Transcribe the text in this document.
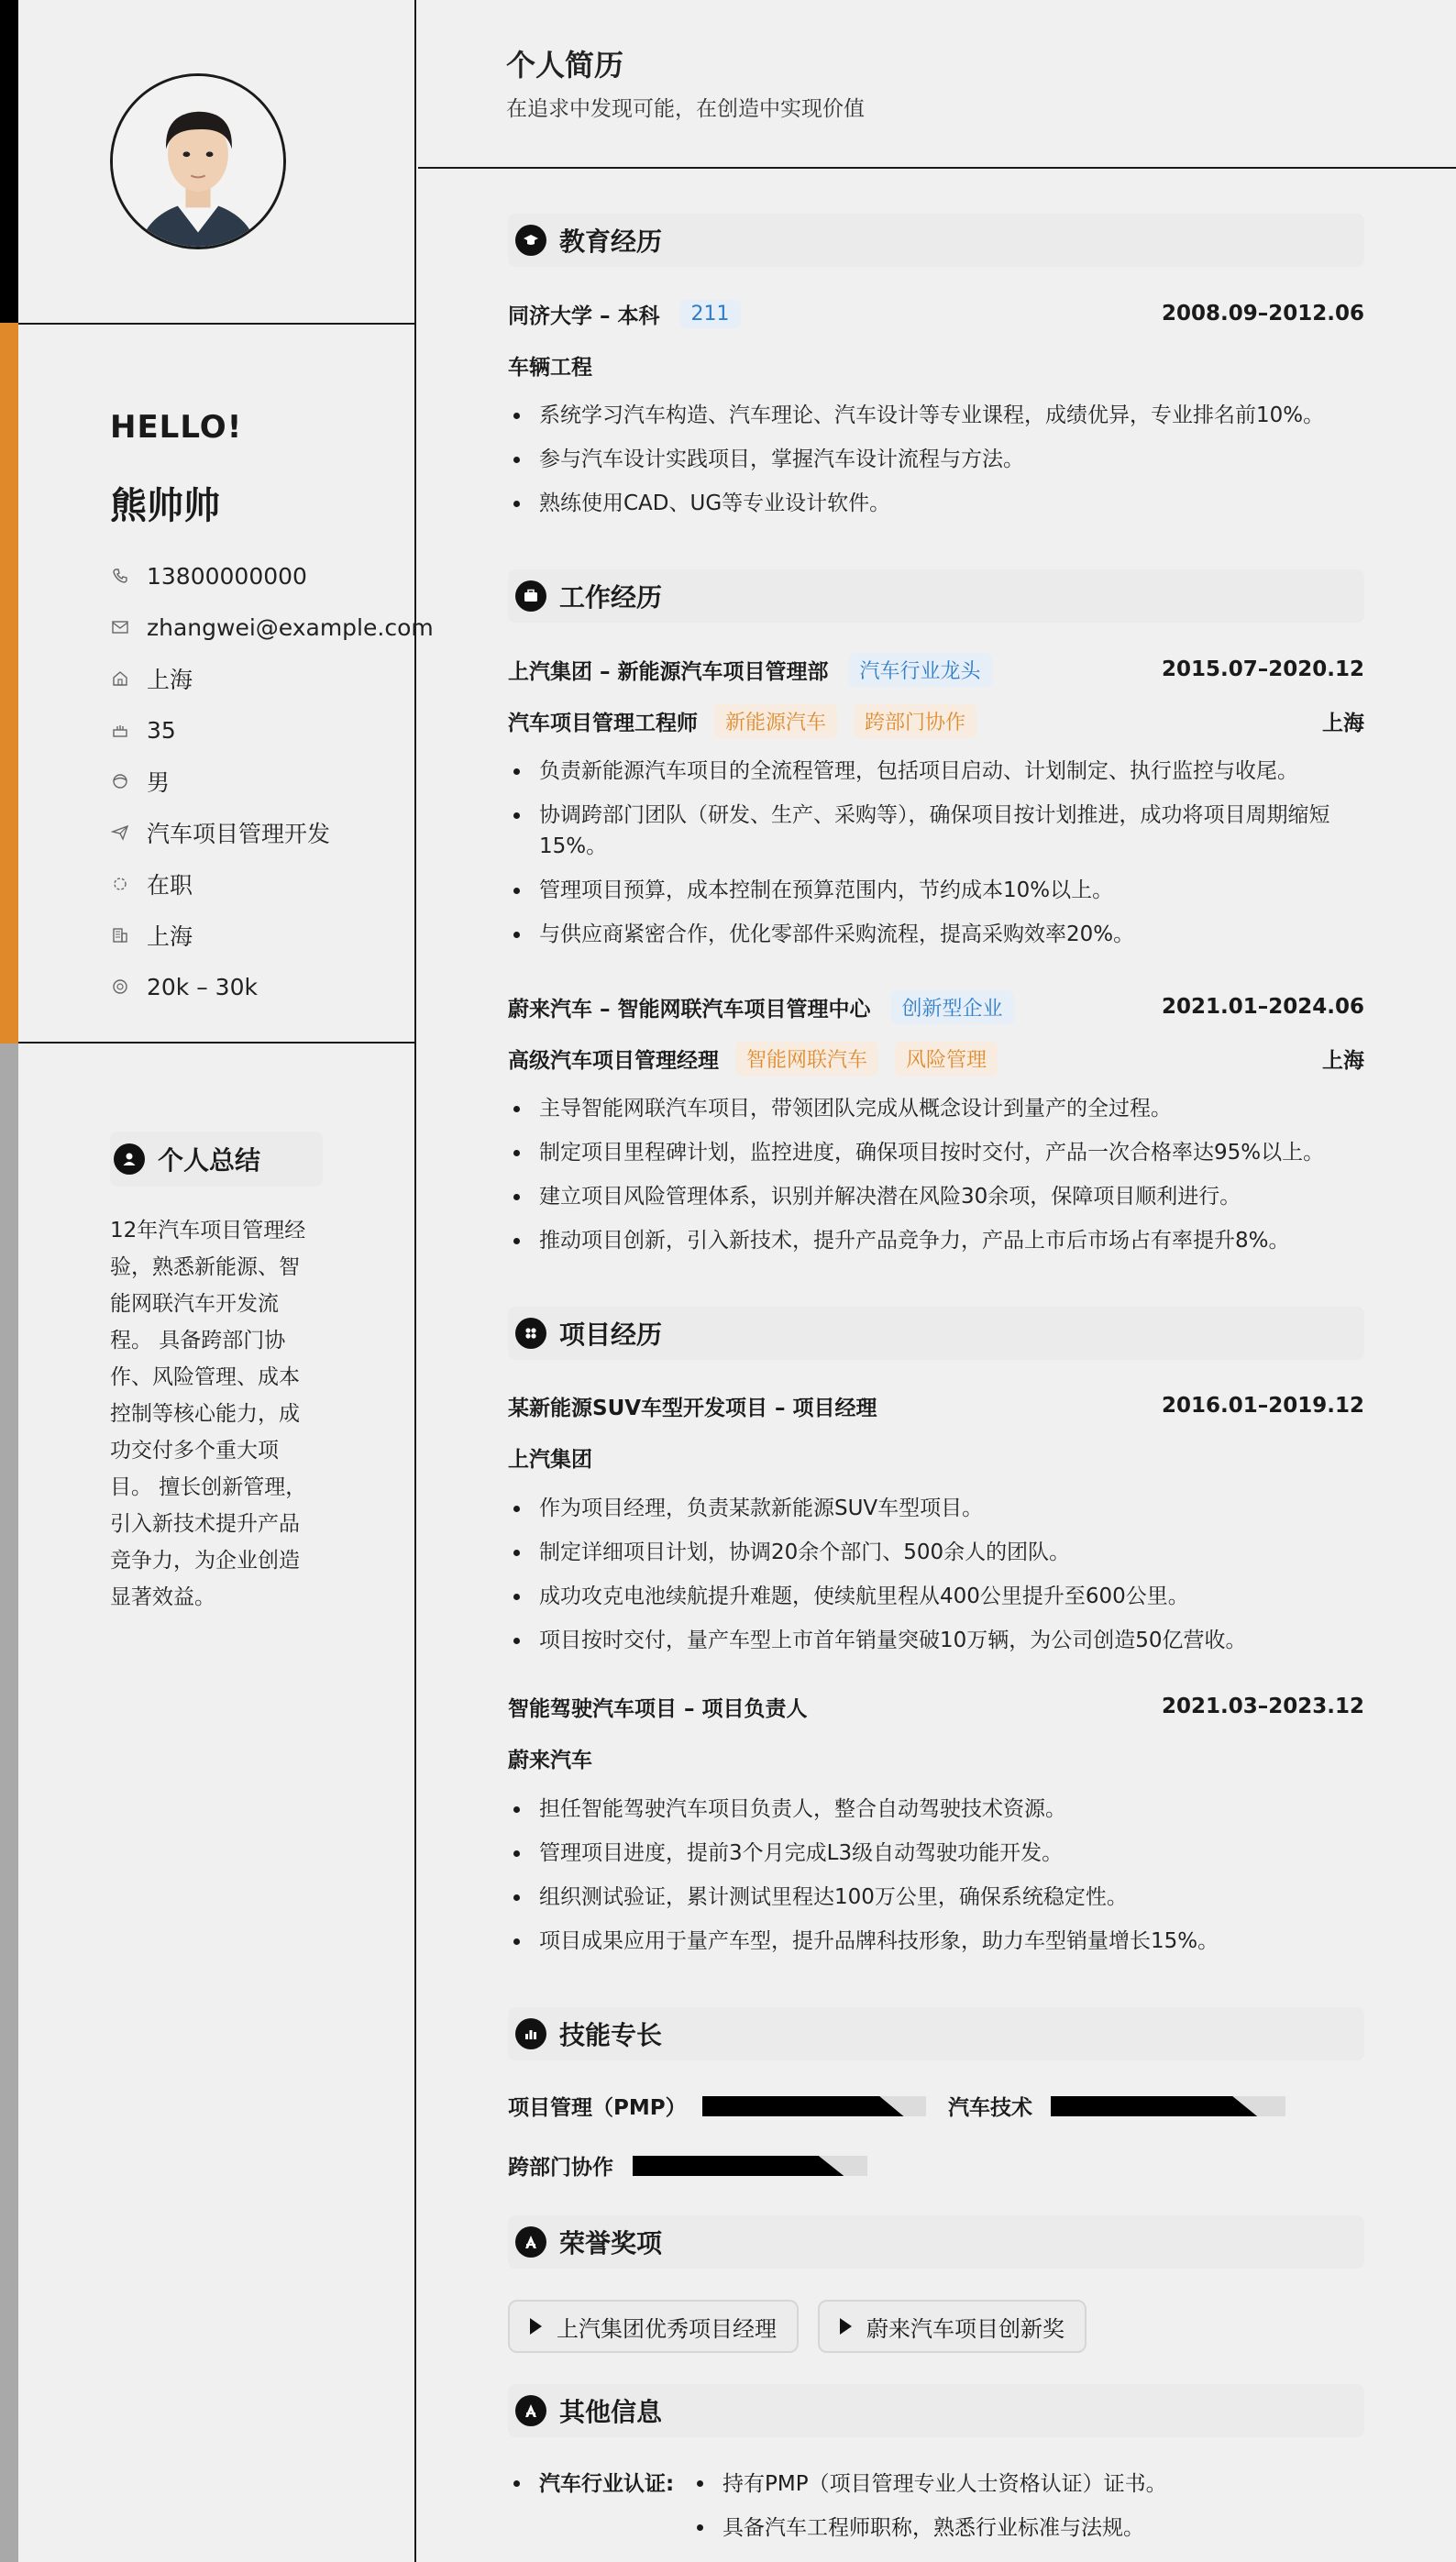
HELLO!
熊帅帅
13800000000
zhangwei@example.com
上海
35
男
汽车项目管理开发
在职
上海
20k – 30k
个人总结
12年汽车项目管理经验，熟悉新能源、智能网联汽车开发流程。 具备跨部门协作、风险管理、成本控制等核心能力，成功交付多个重大项目。 擅长创新管理，引入新技术提升产品竞争力，为企业创造显著效益。
个人简历
在追求中发现可能，在创造中实现价值
教育经历
同济大学 – 本科	211	2008.09–2012.06
车辆工程
系统学习汽车构造、汽车理论、汽车设计等专业课程，成绩优异，专业排名前10%。
参与汽车设计实践项目，掌握汽车设计流程与方法。
熟练使用CAD、UG等专业设计软件。
工作经历
上汽集团 – 新能源汽车项目管理部	汽车行业龙头	2015.07–2020.12
汽车项目管理工程师	新能源汽车	跨部门协作	上海
负责新能源汽车项目的全流程管理，包括项目启动、计划制定、执行监控与收尾。
协调跨部门团队（研发、生产、采购等），确保项目按计划推进，成功将项目周期缩短15%。
管理项目预算，成本控制在预算范围内，节约成本10%以上。
与供应商紧密合作，优化零部件采购流程，提高采购效率20%。
蔚来汽车 – 智能网联汽车项目管理中心	创新型企业	2021.01–2024.06
高级汽车项目管理经理	智能网联汽车	风险管理	上海
主导智能网联汽车项目，带领团队完成从概念设计到量产的全过程。
制定项目里程碑计划，监控进度，确保项目按时交付，产品一次合格率达95%以上。
建立项目风险管理体系，识别并解决潜在风险30余项，保障项目顺利进行。
推动项目创新，引入新技术，提升产品竞争力，产品上市后市场占有率提升8%。
项目经历
某新能源SUV车型开发项目 – 项目经理	2016.01–2019.12
上汽集团
作为项目经理，负责某款新能源SUV车型项目。
制定详细项目计划，协调20余个部门、500余人的团队。
成功攻克电池续航提升难题，使续航里程从400公里提升至600公里。
项目按时交付，量产车型上市首年销量突破10万辆，为公司创造50亿营收。
智能驾驶汽车项目 – 项目负责人	2021.03–2023.12
蔚来汽车
担任智能驾驶汽车项目负责人，整合自动驾驶技术资源。
管理项目进度，提前3个月完成L3级自动驾驶功能开发。
组织测试验证，累计测试里程达100万公里，确保系统稳定性。
项目成果应用于量产车型，提升品牌科技形象，助力车型销量增长15%。
技能专长
项目管理（PMP）	汽车技术
跨部门协作
荣誉奖项
上汽集团优秀项目经理	蔚来汽车项目创新奖
其他信息
汽车行业认证:	持有PMP（项目管理专业人士资格认证）证书。
具备汽车工程师职称，熟悉行业标准与法规。
